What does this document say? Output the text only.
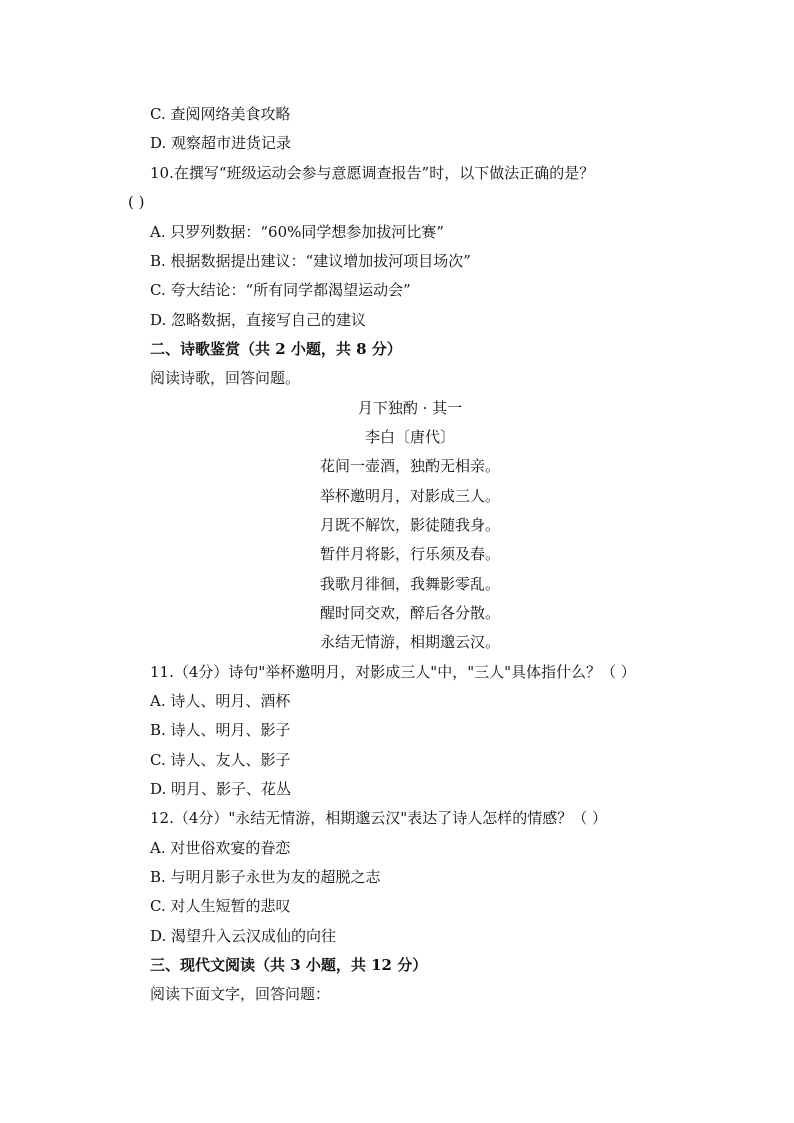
C. 查阅网络美食攻略
D. 观察超市进货记录
10.在撰写“班级运动会参与意愿调查报告”时，以下做法正确的是？
( )
A. 只罗列数据：“60%同学想参加拔河比赛”
B. 根据数据提出建议：“建议增加拔河项目场次”
C. 夸大结论：“所有同学都渴望运动会”
D. 忽略数据，直接写自己的建议
二、诗歌鉴赏（共 2 小题，共 8 分）
阅读诗歌，回答问题。
月下独酌 · 其一
李白〔唐代〕
花间一壶酒，独酌无相亲。
举杯邀明月，对影成三人。
月既不解饮，影徒随我身。
暂伴月将影，行乐须及春。
我歌月徘徊，我舞影零乱。
醒时同交欢，醉后各分散。
永结无情游，相期邈云汉。
11.（4分）诗句"举杯邀明月，对影成三人"中，"三人"具体指什么？（ ）
A. 诗人、明月、酒杯
B. 诗人、明月、影子
C. 诗人、友人、影子
D. 明月、影子、花丛
12.（4分）"永结无情游，相期邈云汉"表达了诗人怎样的情感？（ ）
A. 对世俗欢宴的眷恋
B. 与明月影子永世为友的超脱之志
C. 对人生短暂的悲叹
D. 渴望升入云汉成仙的向往
三、现代文阅读（共 3 小题，共 12 分）
阅读下面文字，回答问题：
